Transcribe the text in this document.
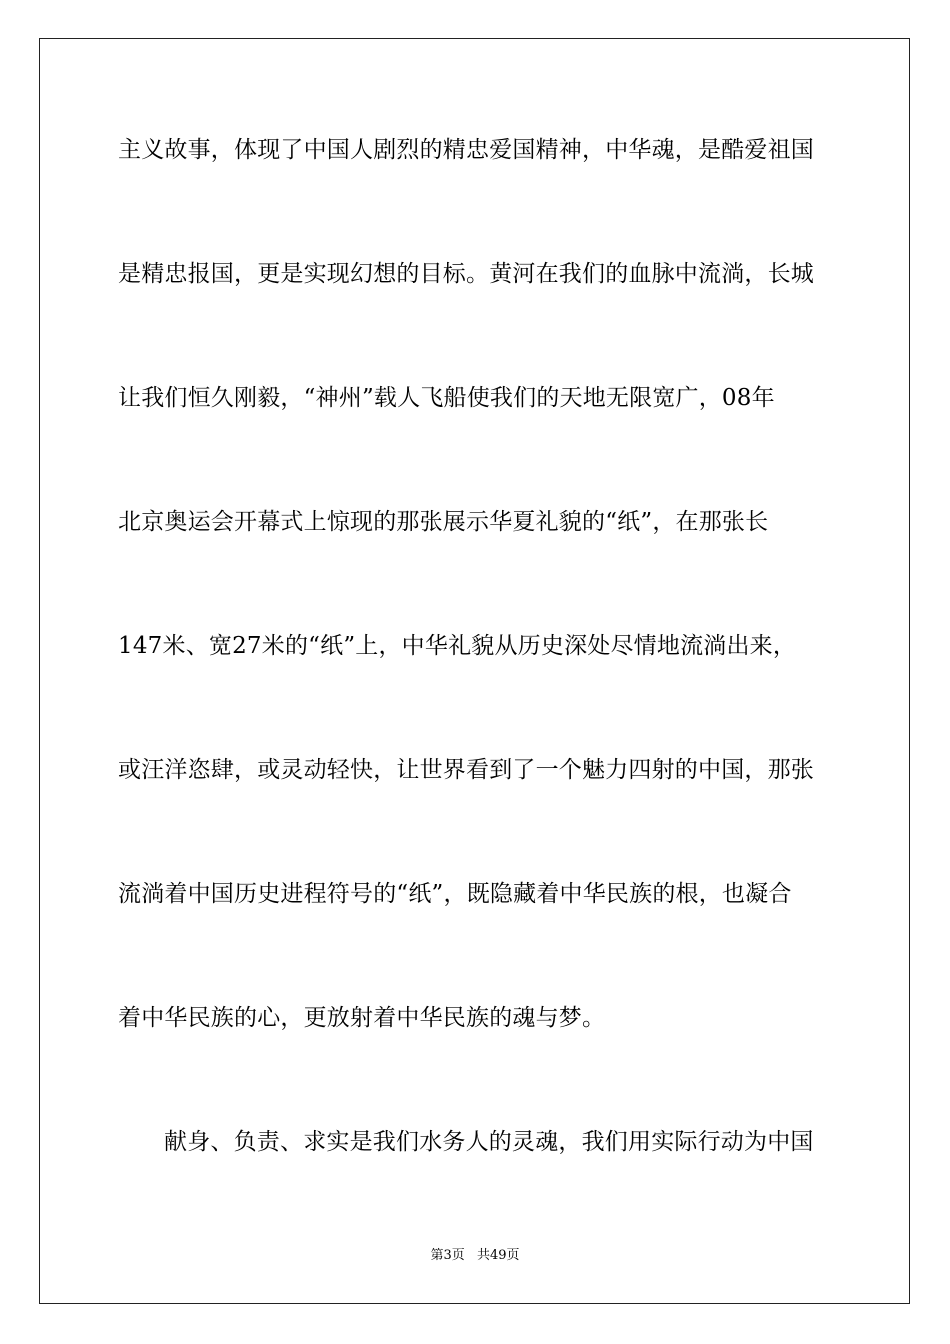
主义故事，体现了中国人剧烈的精忠爱国精神，中华魂，是酷爱祖国
是精忠报国，更是实现幻想的目标。黄河在我们的血脉中流淌，长城
让我们恒久刚毅，“神州”载人飞船使我们的天地无限宽广，08年
北京奥运会开幕式上惊现的那张展示华夏礼貌的“纸”，在那张长
147米、宽27米的“纸”上，中华礼貌从历史深处尽情地流淌出来，
或汪洋恣肆，或灵动轻快，让世界看到了一个魅力四射的中国，那张
流淌着中国历史进程符号的“纸”，既隐藏着中华民族的根，也凝合
着中华民族的心，更放射着中华民族的魂与梦。
献身、负责、求实是我们水务人的灵魂，我们用实际行动为中国
第3页 共49页
